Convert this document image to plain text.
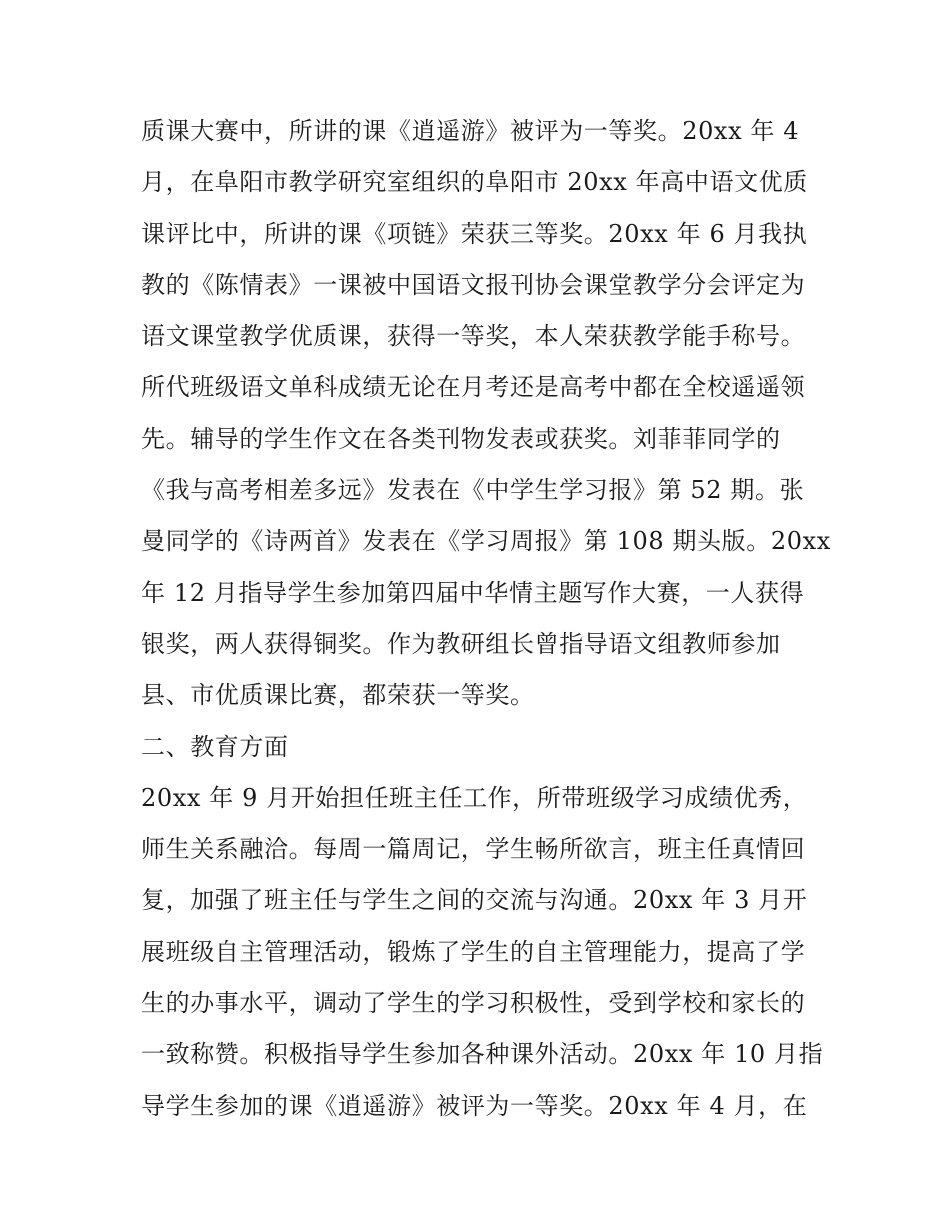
质课大赛中，所讲的课《逍遥游》被评为一等奖。20xx 年 4
月，在阜阳市教学研究室组织的阜阳市 20xx 年高中语文优质
课评比中，所讲的课《项链》荣获三等奖。20xx 年 6 月我执
教的《陈情表》一课被中国语文报刊协会课堂教学分会评定为
语文课堂教学优质课，获得一等奖，本人荣获教学能手称号。
所代班级语文单科成绩无论在月考还是高考中都在全校遥遥领
先。辅导的学生作文在各类刊物发表或获奖。刘菲菲同学的
《我与高考相差多远》发表在《中学生学习报》第 52 期。张
曼同学的《诗两首》发表在《学习周报》第 108 期头版。20xx
年 12 月指导学生参加第四届中华情主题写作大赛，一人获得
银奖，两人获得铜奖。作为教研组长曾指导语文组教师参加
县、市优质课比赛，都荣获一等奖。
二、教育方面
20xx 年 9 月开始担任班主任工作，所带班级学习成绩优秀，
师生关系融洽。每周一篇周记，学生畅所欲言，班主任真情回
复，加强了班主任与学生之间的交流与沟通。20xx 年 3 月开
展班级自主管理活动，锻炼了学生的自主管理能力，提高了学
生的办事水平，调动了学生的学习积极性，受到学校和家长的
一致称赞。积极指导学生参加各种课外活动。20xx 年 10 月指
导学生参加的课《逍遥游》被评为一等奖。20xx 年 4 月，在
